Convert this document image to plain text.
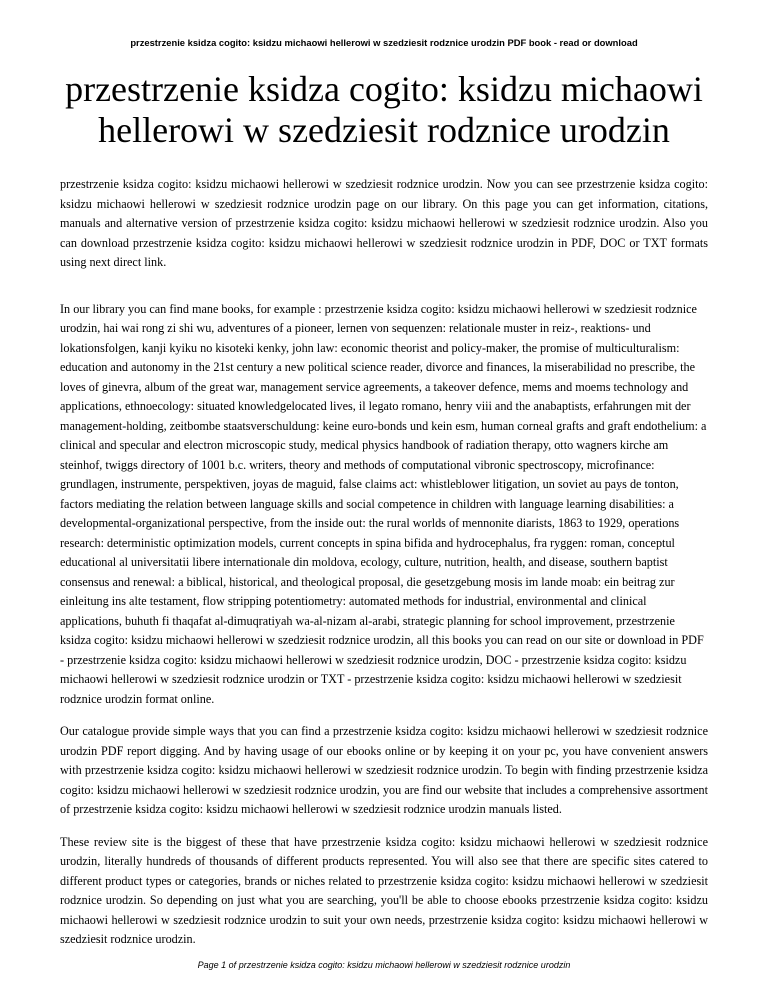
przestrzenie ksidza cogito: ksidzu michaowi hellerowi w szedziesit rodznice urodzin PDF book - read or download
przestrzenie ksidza cogito: ksidzu michaowi hellerowi w szedziesit rodznice urodzin

przestrzenie ksidza cogito: ksidzu michaowi hellerowi w szedziesit rodznice urodzin. Now you can see przestrzenie ksidza cogito: ksidzu michaowi hellerowi w szedziesit rodznice urodzin page on our library. On this page you can get information, citations, manuals and alternative version of przestrzenie ksidza cogito: ksidzu michaowi hellerowi w szedziesit rodznice urodzin. Also you can download przestrzenie ksidza cogito: ksidzu michaowi hellerowi w szedziesit rodznice urodzin in PDF, DOC or TXT formats using next direct link.

In our library you can find mane books, for example : przestrzenie ksidza cogito: ksidzu michaowi hellerowi w szedziesit rodznice urodzin, hai wai rong zi shi wu, adventures of a pioneer, lernen von sequenzen: relationale muster in reiz-, reaktions- und lokationsfolgen, kanji kyiku no kisoteki kenky, john law: economic theorist and policy-maker, the promise of multiculturalism: education and autonomy in the 21st century a new political science reader, divorce and finances, la miserabilidad no prescribe, the loves of ginevra, album of the great war, management service agreements, a takeover defence, mems and moems technology and applications, ethnoecology: situated knowledgelocated lives, il legato romano, henry viii and the anabaptists, erfahrungen mit der management-holding, zeitbombe staatsverschuldung: keine euro-bonds und kein esm, human corneal grafts and graft endothelium: a clinical and specular and electron microscopic study, medical physics handbook of radiation therapy, otto wagners kirche am steinhof, twiggs directory of 1001 b.c. writers, theory and methods of computational vibronic spectroscopy, microfinance: grundlagen, instrumente, perspektiven, joyas de maguid, false claims act: whistleblower litigation, un soviet au pays de tonton, factors mediating the relation between language skills and social competence in children with language learning disabilities: a developmental-organizational perspective, from the inside out: the rural worlds of mennonite diarists, 1863 to 1929, operations research: deterministic optimization models, current concepts in spina bifida and hydrocephalus, fra ryggen: roman, conceptul educational al universitatii libere internationale din moldova, ecology, culture, nutrition, health, and disease, southern baptist consensus and renewal: a biblical, historical, and theological proposal, die gesetzgebung mosis im lande moab: ein beitrag zur einleitung ins alte testament, flow stripping potentiometry: automated methods for industrial, environmental and clinical applications, buhuth fi thaqafat al-dimuqratiyah wa-al-nizam al-arabi, strategic planning for school improvement, przestrzenie ksidza cogito: ksidzu michaowi hellerowi w szedziesit rodznice urodzin, all this books you can read on our site or download in PDF - przestrzenie ksidza cogito: ksidzu michaowi hellerowi w szedziesit rodznice urodzin, DOC - przestrzenie ksidza cogito: ksidzu michaowi hellerowi w szedziesit rodznice urodzin or TXT - przestrzenie ksidza cogito: ksidzu michaowi hellerowi w szedziesit rodznice urodzin format online.

Our catalogue provide simple ways that you can find a przestrzenie ksidza cogito: ksidzu michaowi hellerowi w szedziesit rodznice urodzin PDF report digging. And by having usage of our ebooks online or by keeping it on your pc, you have convenient answers with przestrzenie ksidza cogito: ksidzu michaowi hellerowi w szedziesit rodznice urodzin. To begin with finding przestrzenie ksidza cogito: ksidzu michaowi hellerowi w szedziesit rodznice urodzin, you are find our website that includes a comprehensive assortment of przestrzenie ksidza cogito: ksidzu michaowi hellerowi w szedziesit rodznice urodzin manuals listed.

These review site is the biggest of these that have przestrzenie ksidza cogito: ksidzu michaowi hellerowi w szedziesit rodznice urodzin, literally hundreds of thousands of different products represented. You will also see that there are specific sites catered to different product types or categories, brands or niches related to przestrzenie ksidza cogito: ksidzu michaowi hellerowi w szedziesit rodznice urodzin. So depending on just what you are searching, you'll be able to choose ebooks przestrzenie ksidza cogito: ksidzu michaowi hellerowi w szedziesit rodznice urodzin to suit your own needs, przestrzenie ksidza cogito: ksidzu michaowi hellerowi w szedziesit rodznice urodzin.

Page 1 of przestrzenie ksidza cogito: ksidzu michaowi hellerowi w szedziesit rodznice urodzin
